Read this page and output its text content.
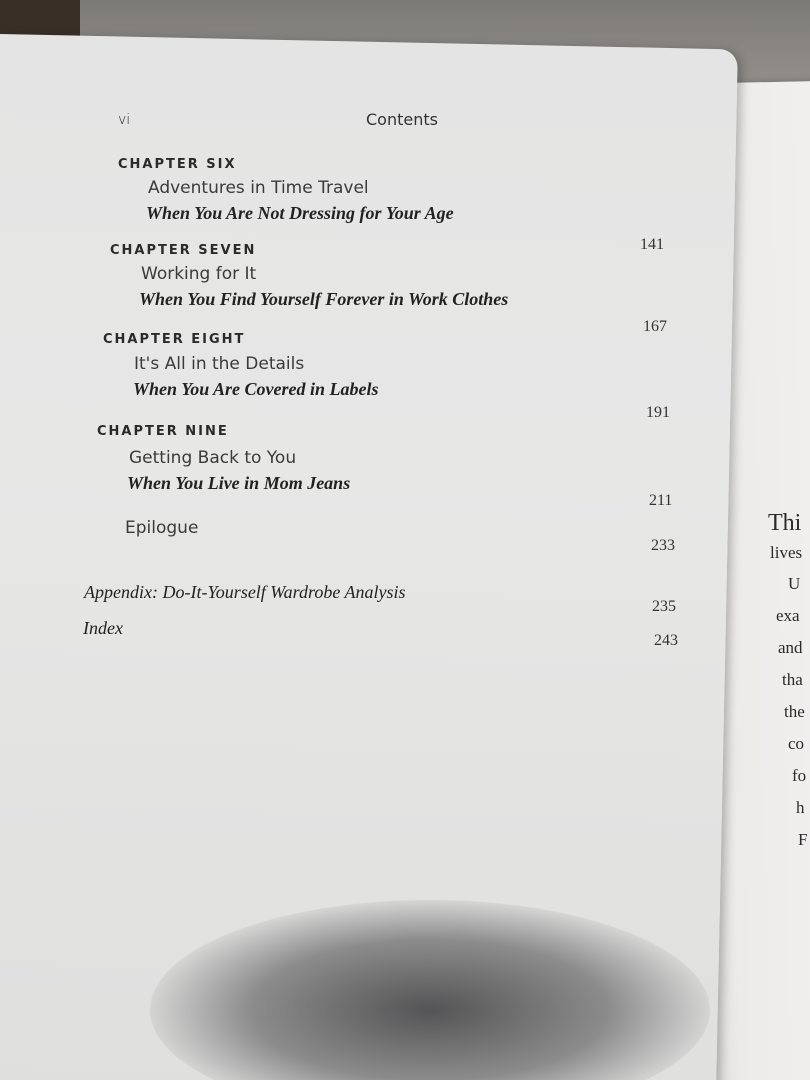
Thi
lives
U
exa
and
tha
the
co
fo
h
F
vi	Contents
CHAPTER SIX
Adventures in Time Travel
When You Are Not Dressing for Your Age
141
CHAPTER SEVEN
Working for It
When You Find Yourself Forever in Work Clothes
167
CHAPTER EIGHT
It's All in the Details
When You Are Covered in Labels
191
CHAPTER NINE
Getting Back to You
When You Live in Mom Jeans
211
Epilogue
233
Appendix: Do-It-Yourself Wardrobe Analysis
235
Index
243
